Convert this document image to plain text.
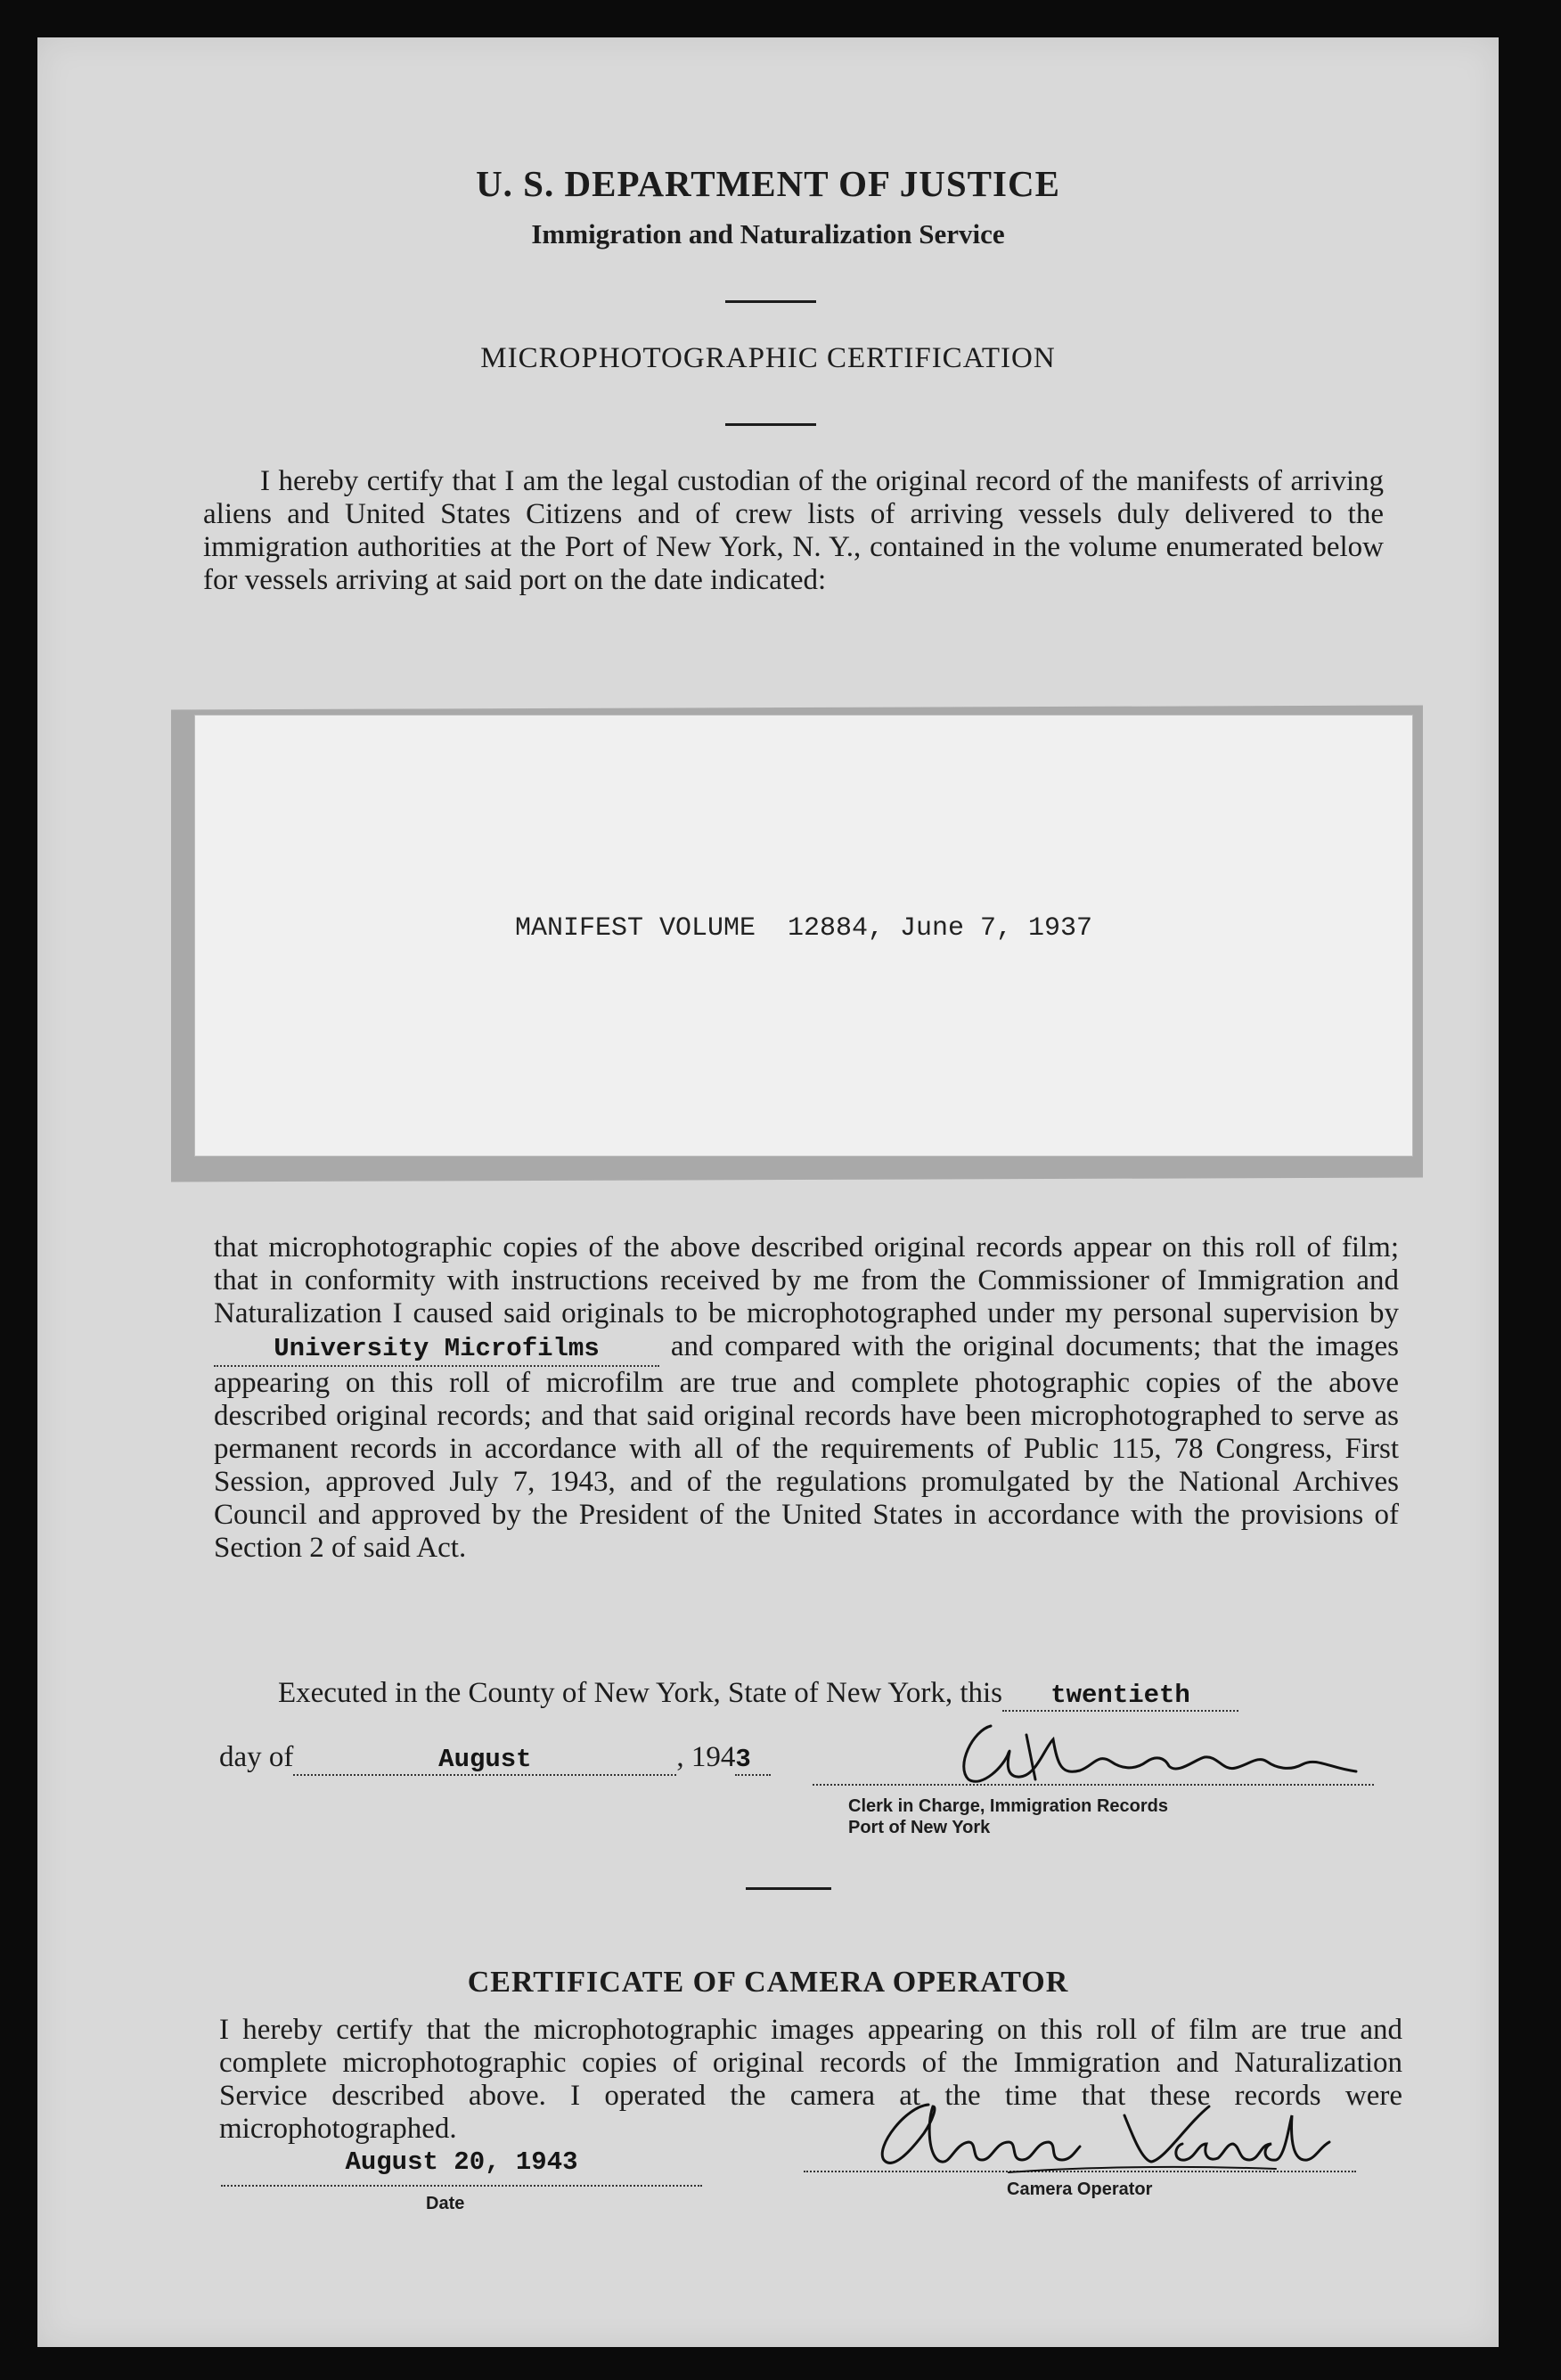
U. S. DEPARTMENT OF JUSTICE
Immigration and Naturalization Service
MICROPHOTOGRAPHIC CERTIFICATION
I hereby certify that I am the legal custodian of the original record of the manifests of arriving aliens and United States Citizens and of crew lists of arriving vessels duly delivered to the immigration authorities at the Port of New York, N. Y., contained in the volume enumerated below for vessels arriving at said port on the date indicated:
MANIFEST VOLUME  12884, June 7, 1937
that microphotographic copies of the above described original records appear on this roll of film; that in conformity with instructions received by me from the Commissioner of Immigration and Naturalization I caused said originals to be microphotographed under my personal supervision by University Microfilms and compared with the original documents; that the images appearing on this roll of microfilm are true and complete photographic copies of the above described original records; and that said original records have been microphotographed to serve as permanent records in accordance with all of the requirements of Public 115, 78 Congress, First Session, approved July 7, 1943, and of the regulations promulgated by the National Archives Council and approved by the President of the United States in accordance with the provisions of Section 2 of said Act.
Executed in the County of New York, State of New York, this twentieth
day of	August	, 1943
Clerk in Charge, Immigration Records
Port of New York
CERTIFICATE OF CAMERA OPERATOR
I hereby certify that the microphotographic images appearing on this roll of film are true and complete microphotographic copies of original records of the Immigration and Naturalization Service described above. I operated the camera at the time that these records were microphotographed.
August 20, 1943
Date
Camera Operator
